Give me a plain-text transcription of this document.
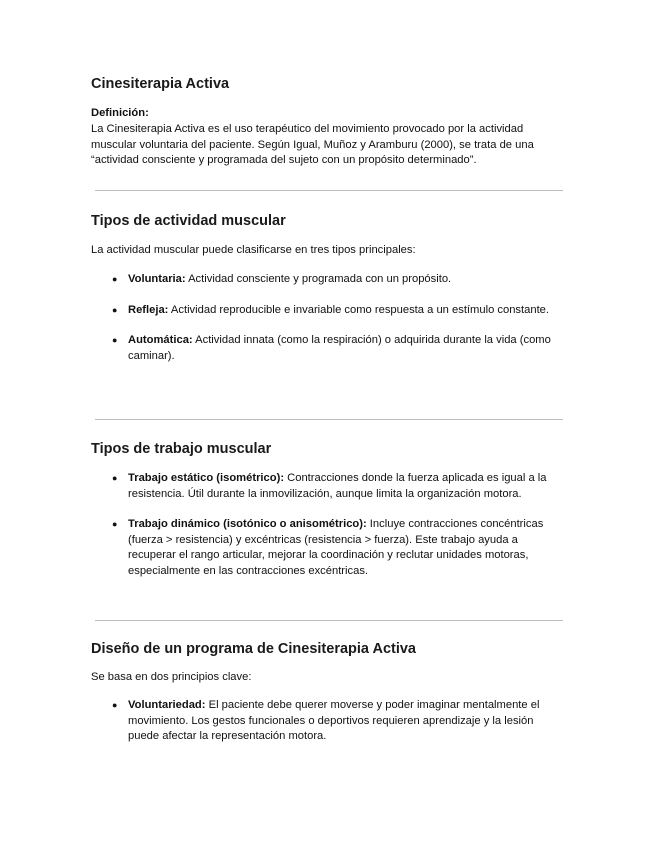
Cinesiterapia Activa

Definición:

La Cinesiterapia Activa es el uso terapéutico del movimiento provocado por la actividad muscular voluntaria del paciente. Según Igual, Muñoz y Aramburu (2000), se trata de una “actividad consciente y programada del sujeto con un propósito determinado”.

Tipos de actividad muscular

La actividad muscular puede clasificarse en tres tipos principales:

● Voluntaria: Actividad consciente y programada con un propósito.
● Refleja: Actividad reproducible e invariable como respuesta a un estímulo constante.
● Automática: Actividad innata (como la respiración) o adquirida durante la vida (como caminar).
Tipos de trabajo muscular
● Trabajo estático (isométrico): Contracciones donde la fuerza aplicada es igual a la resistencia. Útil durante la inmovilización, aunque limita la organización motora.
● Trabajo dinámico (isotónico o anisométrico): Incluye contracciones concéntricas (fuerza > resistencia) y excéntricas (resistencia > fuerza). Este trabajo ayuda a recuperar el rango articular, mejorar la coordinación y reclutar unidades motoras, especialmente en las contracciones excéntricas.
Diseño de un programa de Cinesiterapia Activa

Se basa en dos principios clave:

● Voluntariedad: El paciente debe querer moverse y poder imaginar mentalmente el movimiento. Los gestos funcionales o deportivos requieren aprendizaje y la lesión puede afectar la representación motora.
